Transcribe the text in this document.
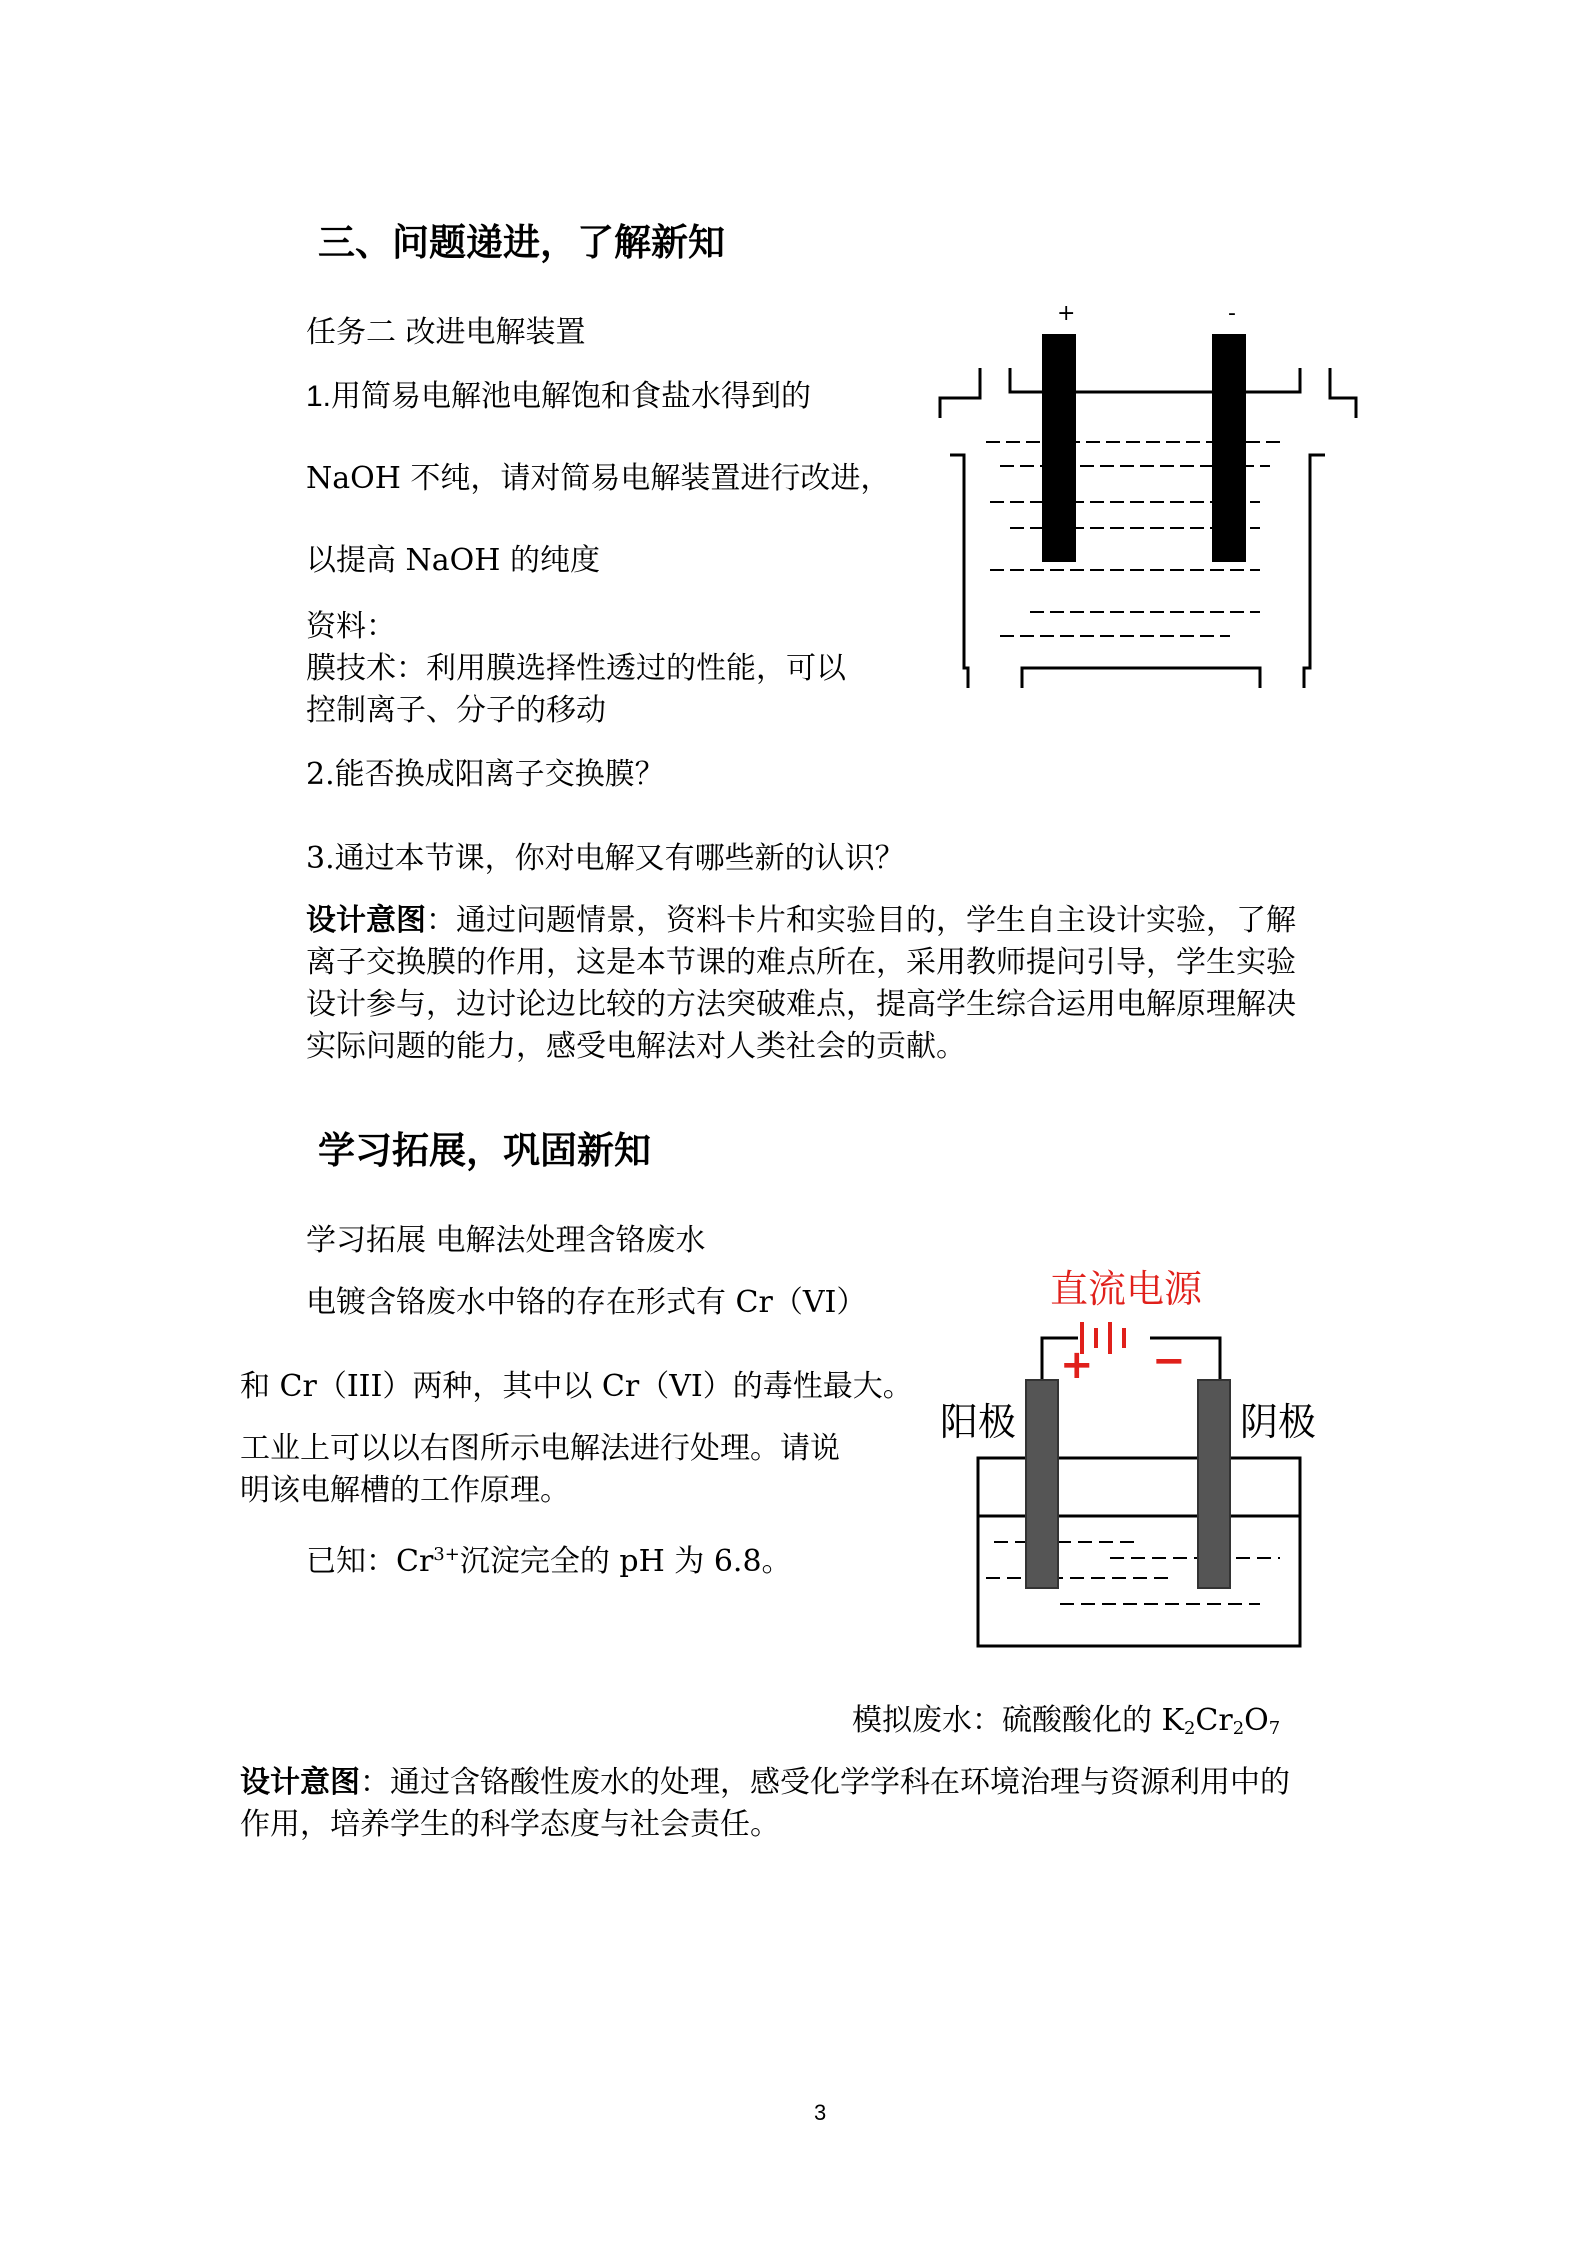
三、问题递进，了解新知
任务二 改进电解装置
1.用简易电解池电解饱和食盐水得到的
NaOH 不纯，请对简易电解装置进行改进，
以提高 NaOH 的纯度
资料：
膜技术：利用膜选择性透过的性能，可以
控制离子、分子的移动
2.能否换成阳离子交换膜？
3.通过本节课，你对电解又有哪些新的认识？
设计意图：通过问题情景，资料卡片和实验目的，学生自主设计实验，了解
离子交换膜的作用，这是本节课的难点所在，采用教师提问引导，学生实验
设计参与，边讨论边比较的方法突破难点，提高学生综合运用电解原理解决
实际问题的能力，感受电解法对人类社会的贡献。
+	-
学习拓展，巩固新知
学习拓展 电解法处理含铬废水
电镀含铬废水中铬的存在形式有 Cr（VI）
和 Cr（III）两种，其中以 Cr（VI）的毒性最大。
工业上可以以右图所示电解法进行处理。请说
明该电解槽的工作原理。
已知：$Cr^{3+}$沉淀完全的 pH 为 6.8。
直流电源
+ −
阳极	阴极
模拟废水：硫酸酸化的 $K_2Cr_2O_7$
设计意图：通过含铬酸性废水的处理，感受化学学科在环境治理与资源利用中的
作用，培养学生的科学态度与社会责任。
3
